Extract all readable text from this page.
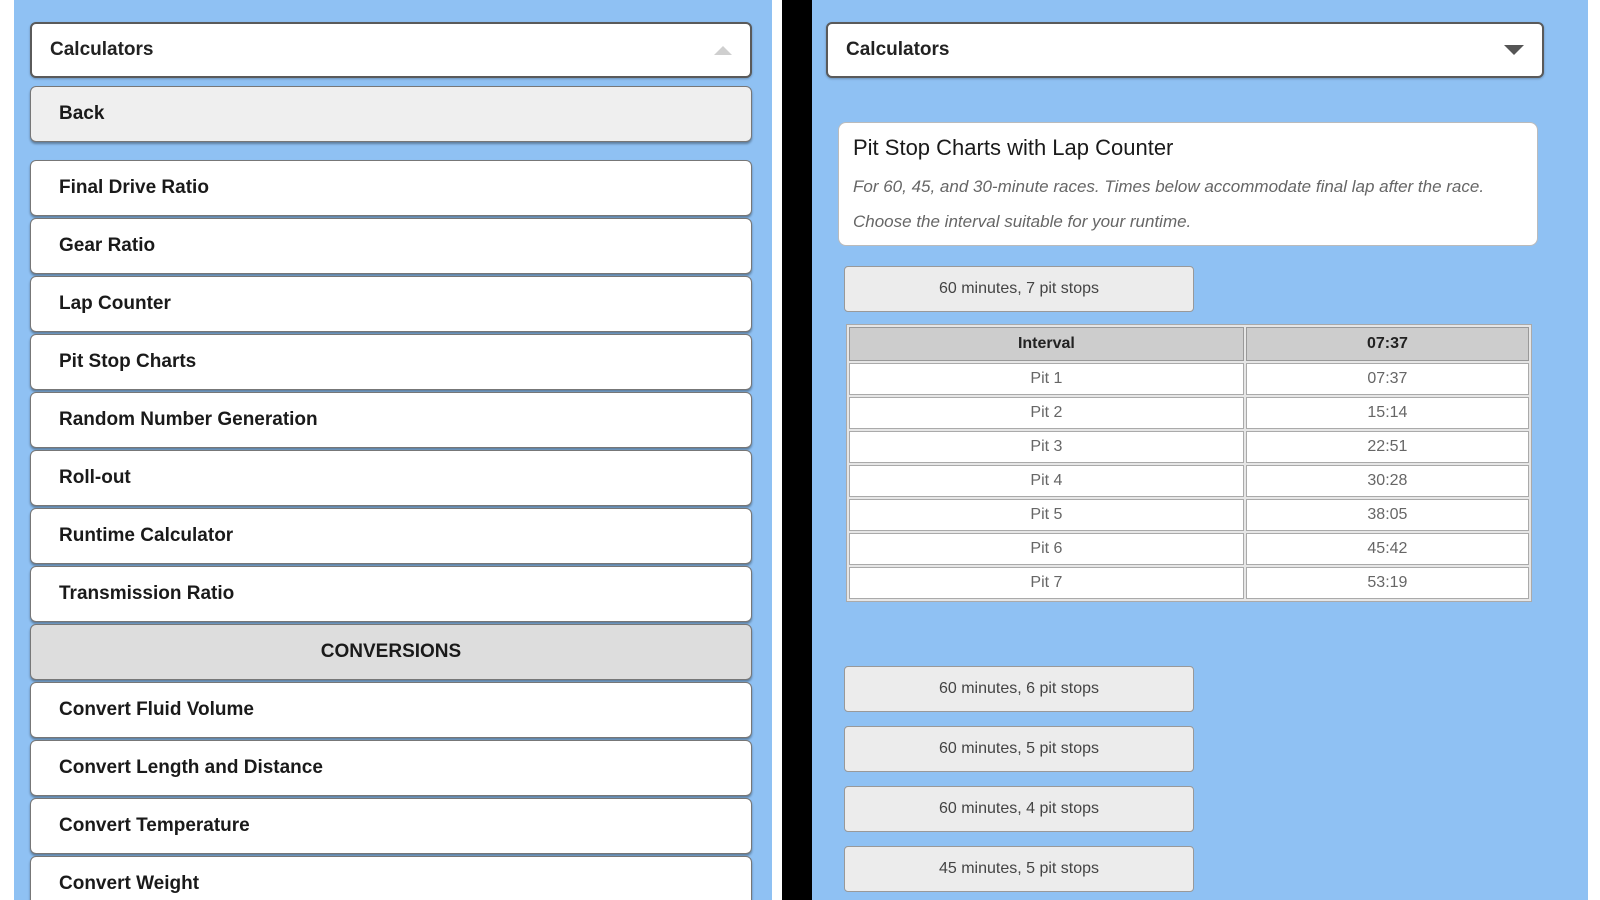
Calculators
Back
Final Drive Ratio
Gear Ratio
Lap Counter
Pit Stop Charts
Random Number Generation
Roll-out
Runtime Calculator
Transmission Ratio
CONVERSIONS
Convert Fluid Volume
Convert Length and Distance
Convert Temperature
Convert Weight
Calculators
Pit Stop Charts with Lap Counter
For 60, 45, and 30-minute races. Times below accommodate final lap after the race. Choose the interval suitable for your runtime.
60 minutes, 7 pit stops
Interval	07:37
Pit 1	07:37
Pit 2	15:14
Pit 3	22:51
Pit 4	30:28
Pit 5	38:05
Pit 6	45:42
Pit 7	53:19
60 minutes, 6 pit stops
60 minutes, 5 pit stops
60 minutes, 4 pit stops
45 minutes, 5 pit stops
